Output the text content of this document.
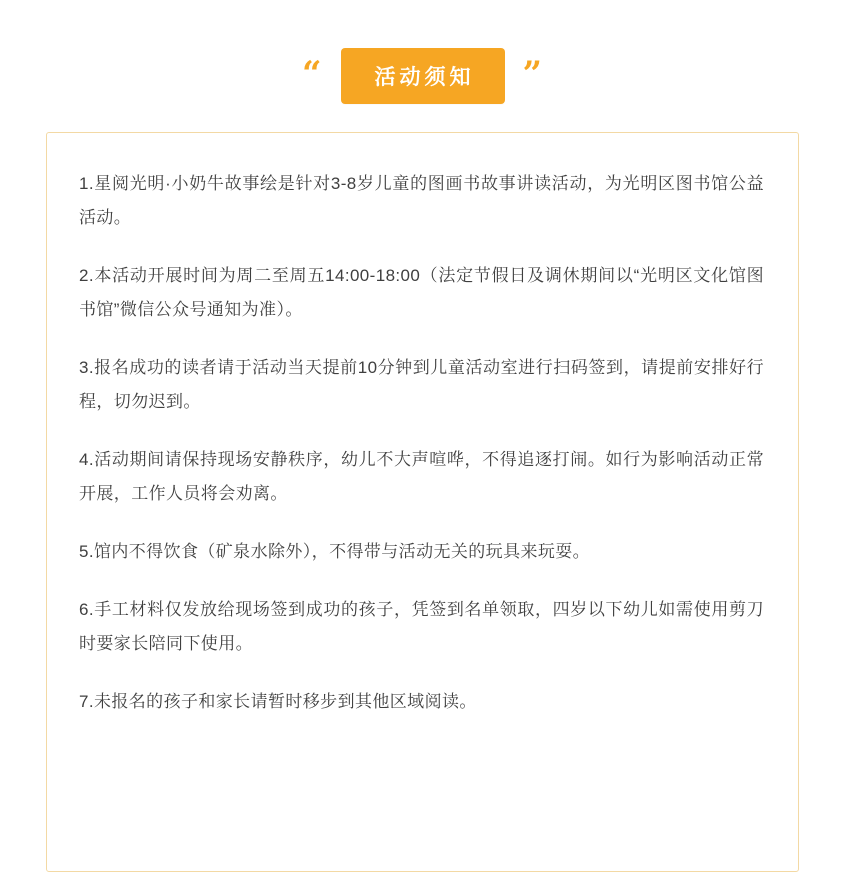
“	活动须知	”
1.星阅光明·小奶牛故事绘是针对3-8岁儿童的图画书故事讲读活动，为光明区图书馆公益活动。
2.本活动开展时间为周二至周五14:00-18:00（法定节假日及调休期间以“光明区文化馆图书馆”微信公众号通知为准）。
3.报名成功的读者请于活动当天提前10分钟到儿童活动室进行扫码签到，请提前安排好行程，切勿迟到。
4.活动期间请保持现场安静秩序，幼儿不大声喧哗，不得追逐打闹。如行为影响活动正常开展，工作人员将会劝离。
5.馆内不得饮食（矿泉水除外），不得带与活动无关的玩具来玩耍。
6.手工材料仅发放给现场签到成功的孩子，凭签到名单领取，四岁以下幼儿如需使用剪刀时要家长陪同下使用。
7.未报名的孩子和家长请暂时移步到其他区域阅读。
